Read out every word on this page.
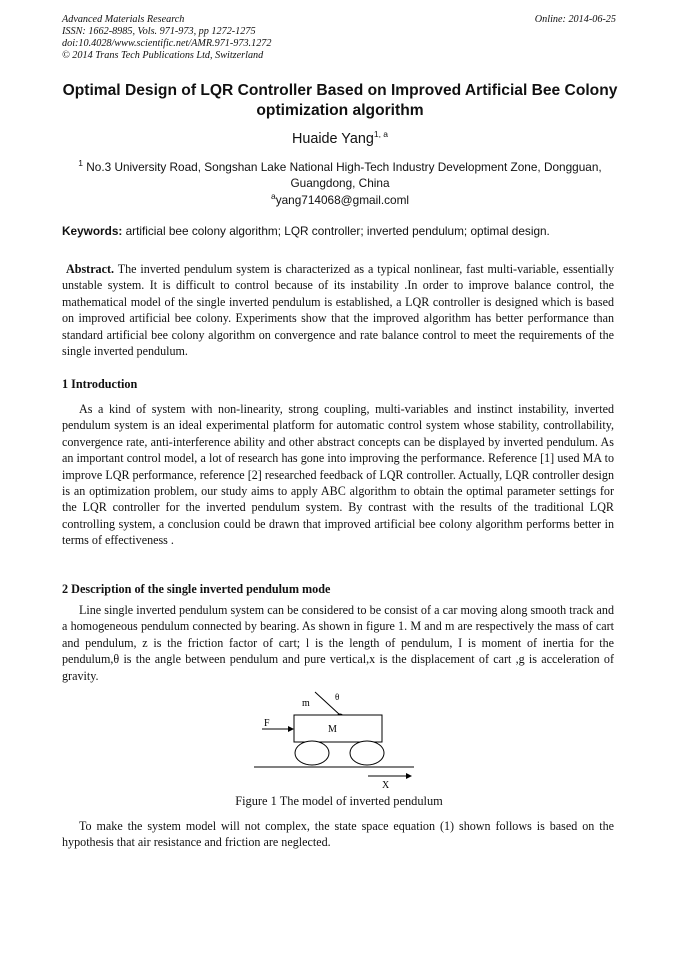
Advanced Materials Research
ISSN: 1662-8985, Vols. 971-973, pp 1272-1275
doi:10.4028/www.scientific.net/AMR.971-973.1272
© 2014 Trans Tech Publications Ltd, Switzerland
Online: 2014-06-25
Optimal Design of LQR Controller Based on Improved Artificial Bee Colony optimization algorithm
Huaide Yang$^{1, a}$
$^1$ No.3 University Road, Songshan Lake National High-Tech Industry Development Zone, Dongguan, Guangdong, China
$^a$yang714068@gmail.coml
Keywords: artificial bee colony algorithm; LQR controller; inverted pendulum; optimal design.

Abstract. The inverted pendulum system is characterized as a typical nonlinear, fast multi-variable, essentially unstable system. It is difficult to control because of its instability .In order to improve balance control, the mathematical model of the single inverted pendulum is established, a LQR controller is designed which is based on improved artificial bee colony. Experiments show that the improved algorithm has better performance than standard artificial bee colony algorithm on convergence and rate balance control to meet the requirements of the single inverted pendulum.

1 Introduction

As a kind of system with non-linearity, strong coupling, multi-variables and instinct instability, inverted pendulum system is an ideal experimental platform for automatic control system whose stability, controllability, convergence rate, anti-interference ability and other abstract concepts can be displayed by inverted pendulum. As an important control model, a lot of research has gone into improving the performance. Reference [1] used MA to improve LQR performance, reference [2] researched feedback of LQR controller. Actually, LQR controller design is an optimization problem, our study aims to apply ABC algorithm to obtain the optimal parameter settings for the LQR controller for the inverted pendulum system. By contrast with the results of the traditional LQR controlling system, a conclusion could be drawn that improved artificial bee colony algorithm performs better in terms of effectiveness .

2 Description of the single inverted pendulum mode

Line single inverted pendulum system can be considered to be consist of a car moving along smooth track and a homogeneous pendulum connected by bearing. As shown in figure 1. M and m are respectively the mass of cart and pendulum, z is the friction factor of cart; l is the length of pendulum, I is moment of inertia for the pendulum,θ is the angle between pendulum and pure vertical,x is the displacement of cart ,g is acceleration of gravity.

m
θ
F
M
X
Figure 1 The model of inverted pendulum

To make the system model will not complex, the state space equation (1) shown follows is based on the hypothesis that air resistance and friction are neglected.
